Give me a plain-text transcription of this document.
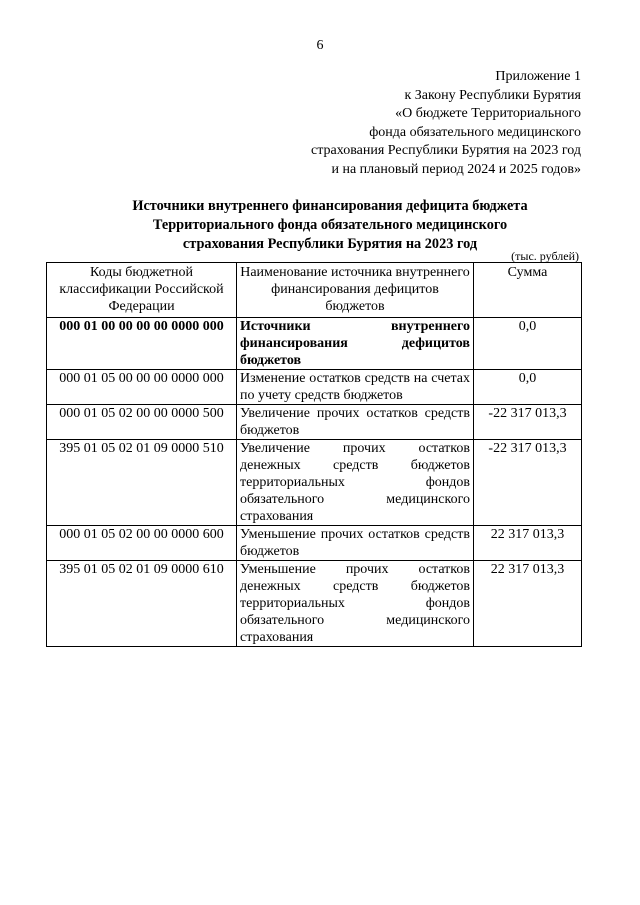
6
Приложение 1
к Закону Республики Бурятия
«О бюджете Территориального
фонда обязательного медицинского
страхования Республики Бурятия на 2023 год
и на плановый период 2024 и 2025 годов»
Источники внутреннего финансирования дефицита бюджета
Территориального фонда обязательного медицинского
страхования Республики Бурятия на 2023 год
(тыс. рублей)
Коды бюджетной классификации Российской Федерации	Наименование источника внутреннего финансирования дефицитов бюджетов	Сумма
000 01 00 00 00 00 0000 000	Источники внутреннего финансирования дефицитов бюджетов	0,0
000 01 05 00 00 00 0000 000	Изменение остатков средств на счетах по учету средств бюджетов	0,0
000 01 05 02 00 00 0000 500	Увеличение прочих остатков средств бюджетов	-22 317 013,3
395 01 05 02 01 09 0000 510	Увеличение прочих остатков денежных средств бюджетов территориальных фондов обязательного медицинского страхования	-22 317 013,3
000 01 05 02 00 00 0000 600	Уменьшение прочих остатков средств бюджетов	22 317 013,3
395 01 05 02 01 09 0000 610	Уменьшение прочих остатков денежных средств бюджетов территориальных фондов обязательного медицинского страхования	22 317 013,3
